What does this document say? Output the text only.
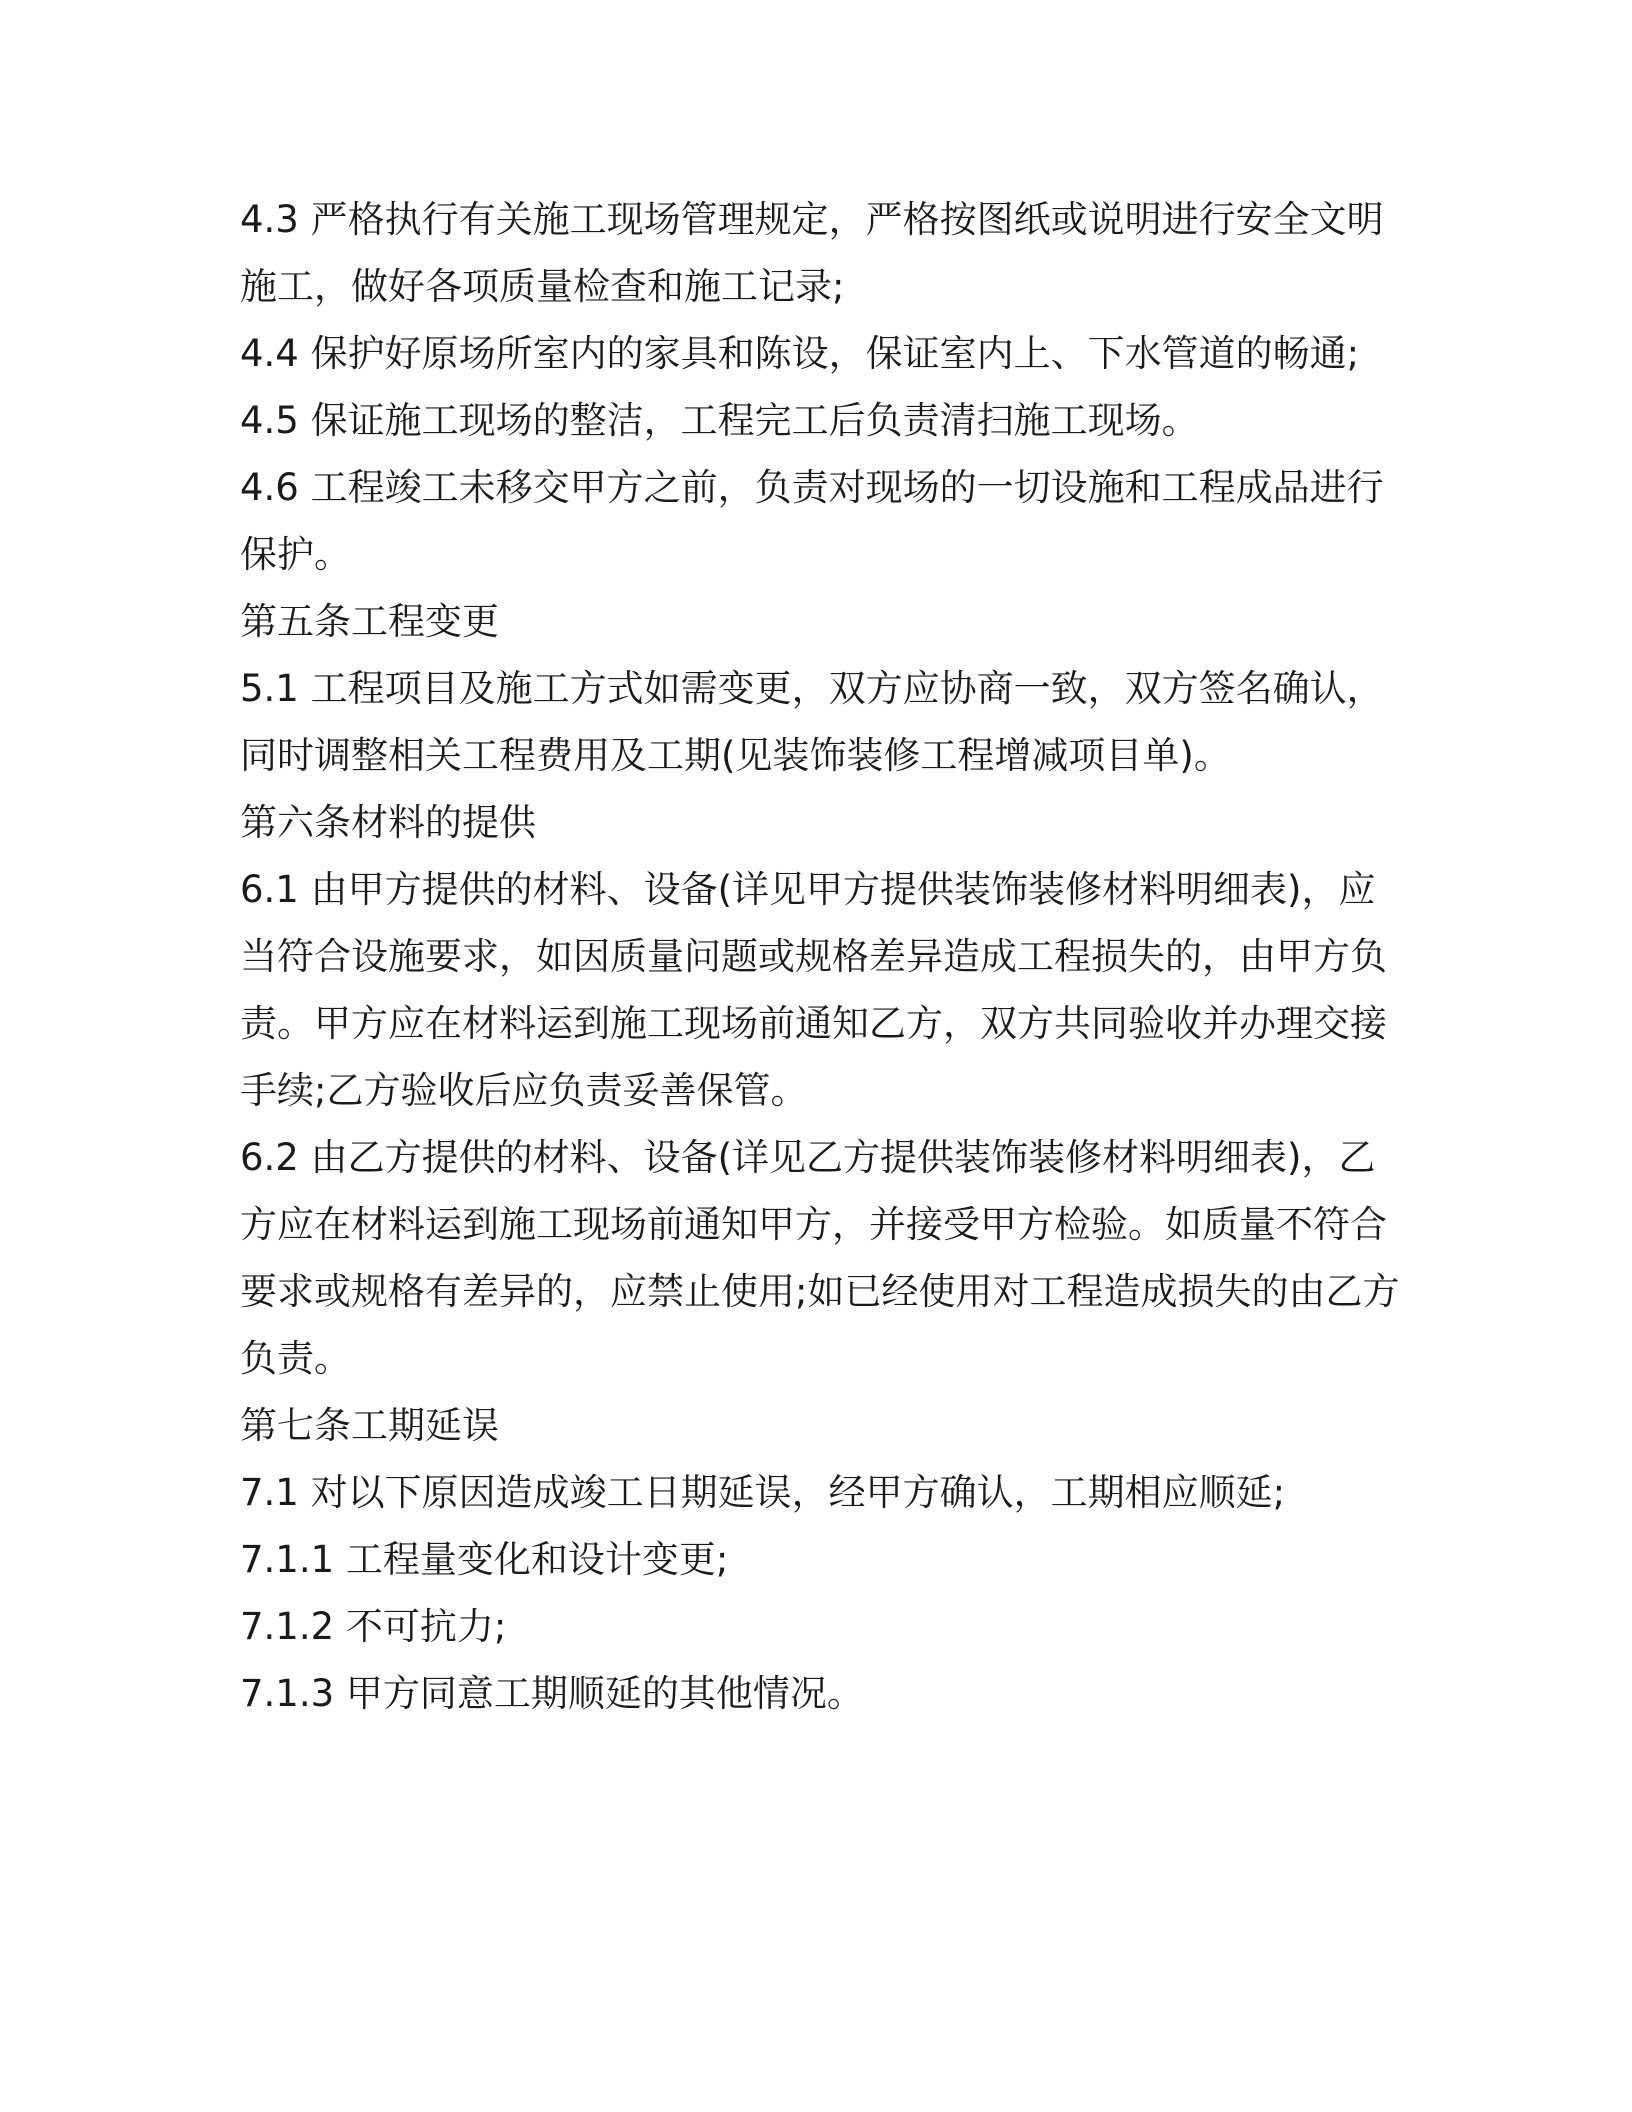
4.3 严格执行有关施工现场管理规定，严格按图纸或说明进行安全文明施工，做好各项质量检查和施工记录;

4.4 保护好原场所室内的家具和陈设，保证室内上、下水管道的畅通;

4.5 保证施工现场的整洁，工程完工后负责清扫施工现场。

4.6 工程竣工未移交甲方之前，负责对现场的一切设施和工程成品进行保护。

第五条工程变更

5.1 工程项目及施工方式如需变更，双方应协商一致，双方签名确认，同时调整相关工程费用及工期(见装饰装修工程增减项目单)。

第六条材料的提供

6.1 由甲方提供的材料、设备(详见甲方提供装饰装修材料明细表)，应当符合设施要求，如因质量问题或规格差异造成工程损失的，由甲方负责。甲方应在材料运到施工现场前通知乙方，双方共同验收并办理交接手续;乙方验收后应负责妥善保管。

6.2 由乙方提供的材料、设备(详见乙方提供装饰装修材料明细表)，乙方应在材料运到施工现场前通知甲方，并接受甲方检验。如质量不符合要求或规格有差异的，应禁止使用;如已经使用对工程造成损失的由乙方负责。

第七条工期延误

7.1 对以下原因造成竣工日期延误，经甲方确认，工期相应顺延;

7.1.1 工程量变化和设计变更;

7.1.2 不可抗力;

7.1.3 甲方同意工期顺延的其他情况。
